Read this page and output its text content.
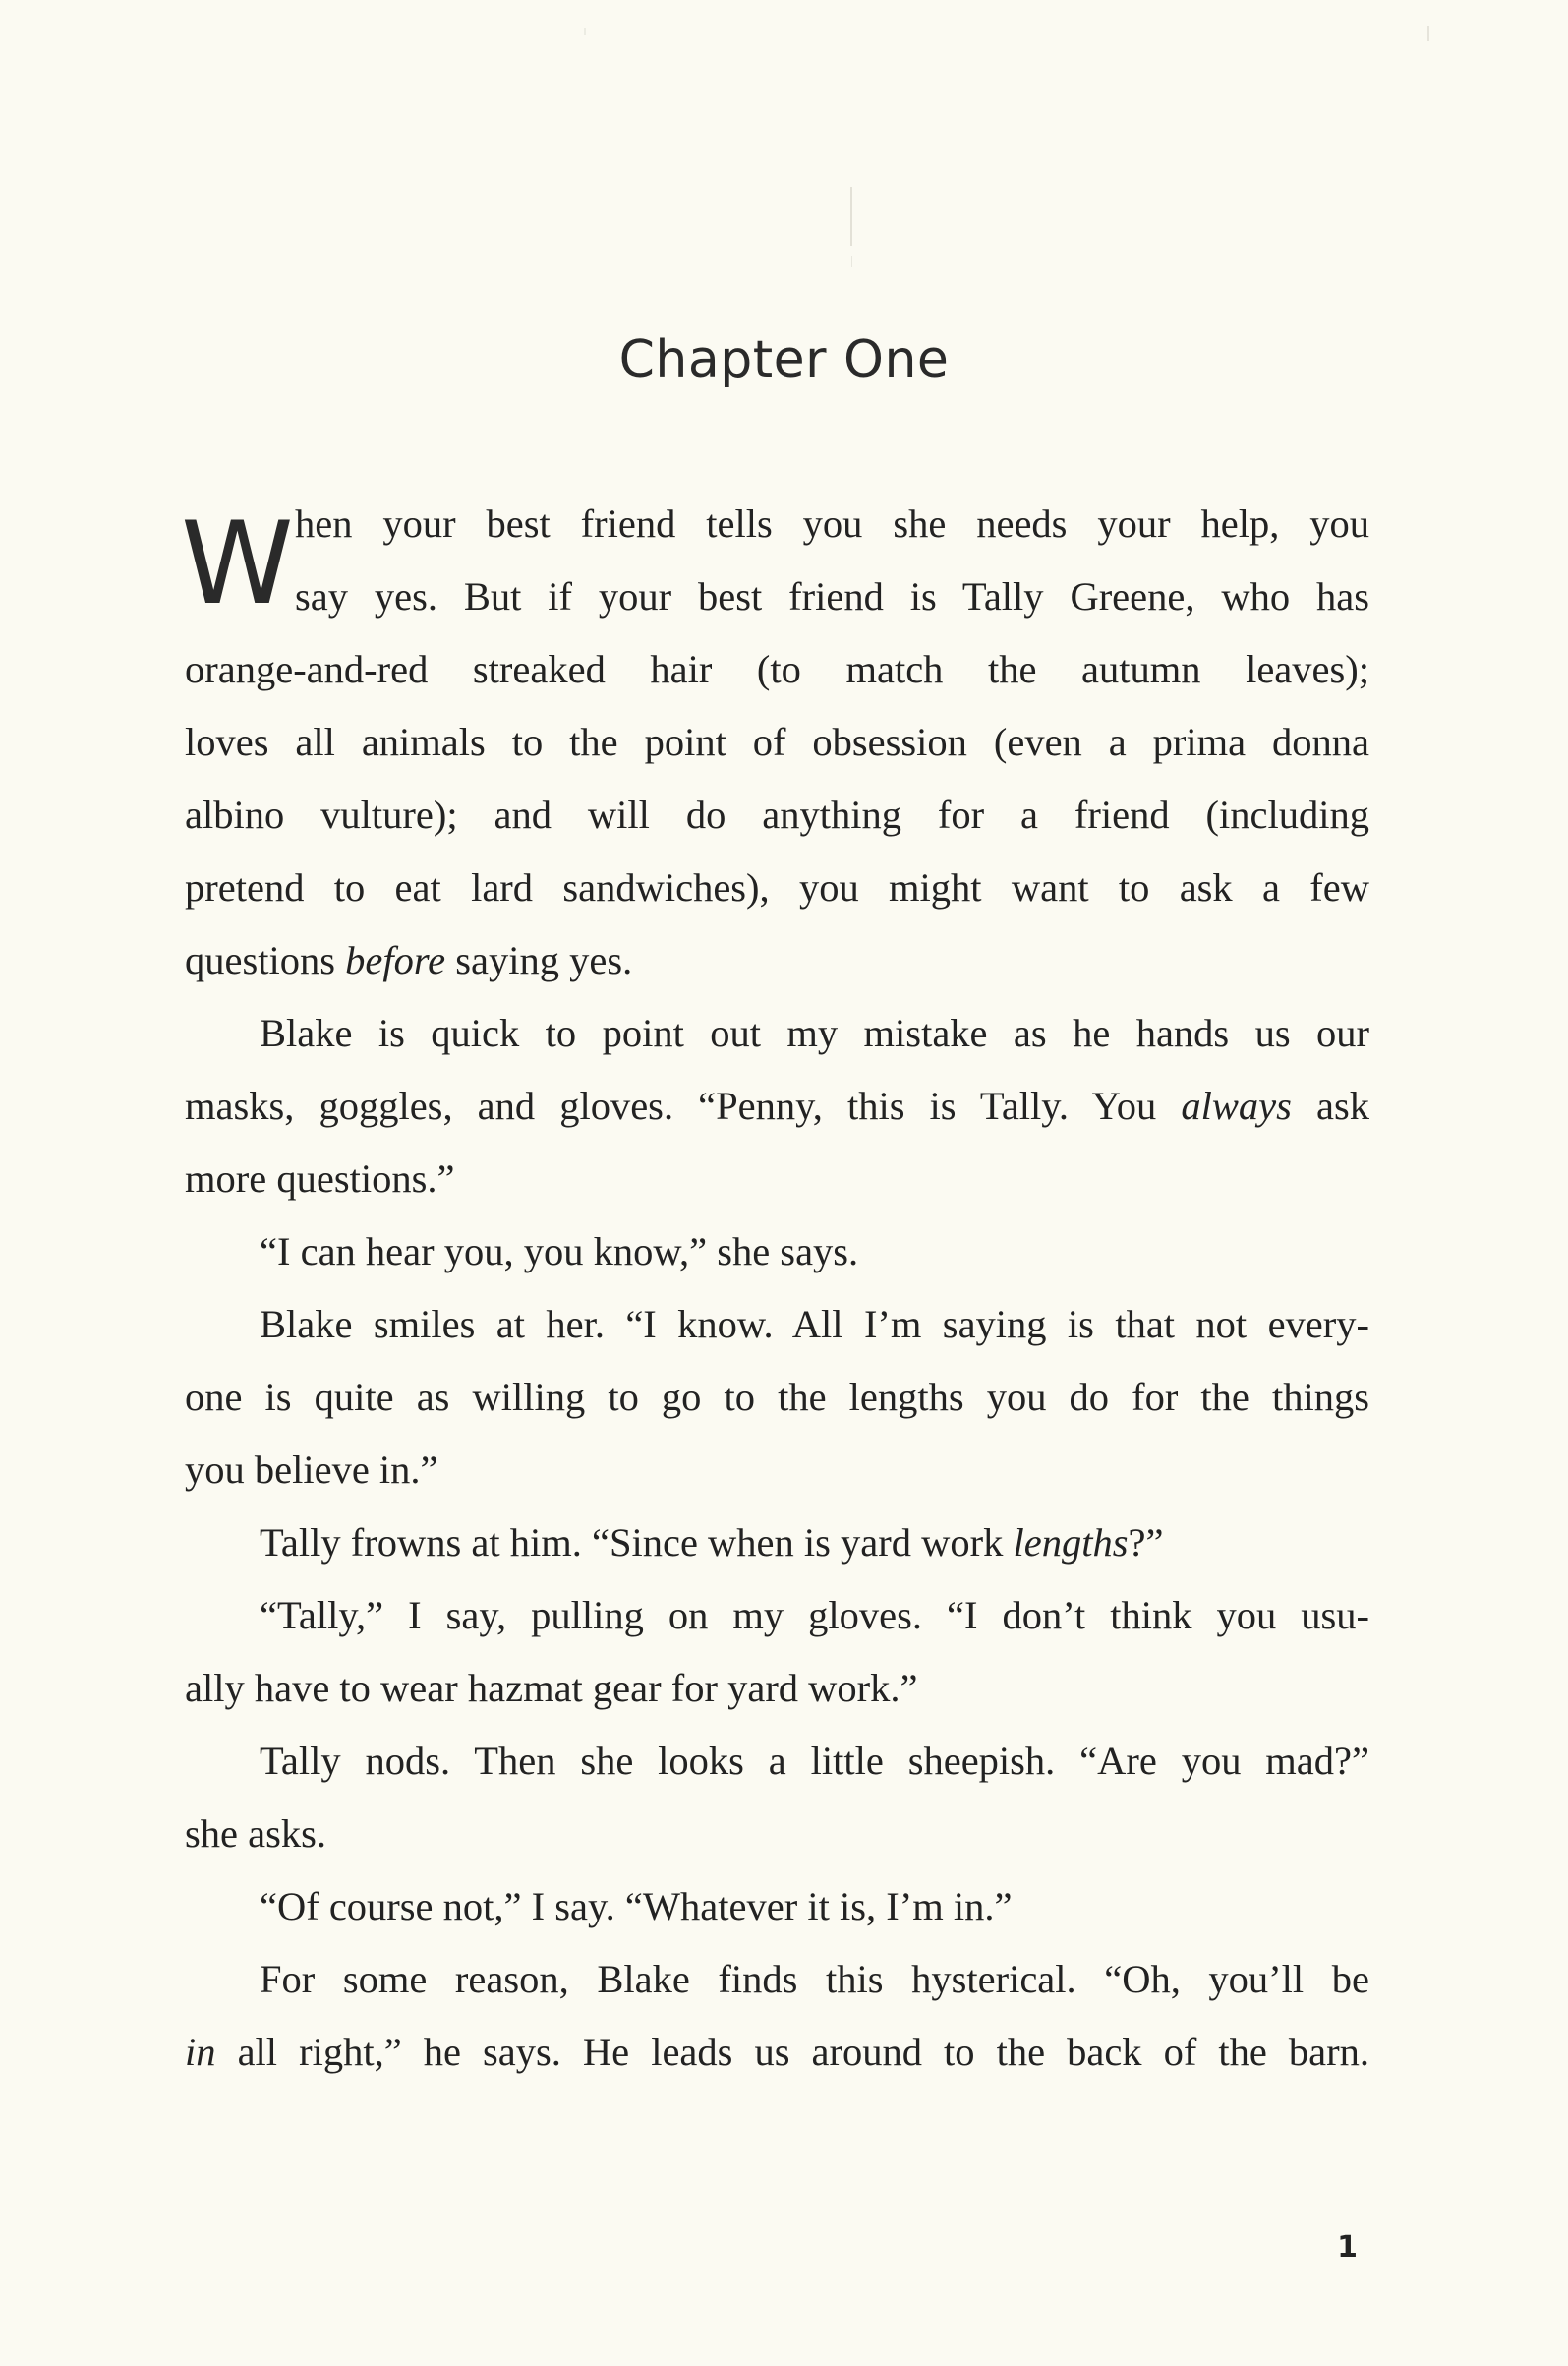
Chapter One
W hen your best friend tells you she needs your help, you
say yes. But if your best friend is Tally Greene, who has
orange-and-red streaked hair (to match the autumn leaves);
loves all animals to the point of obsession (even a prima donna
albino vulture); and will do anything for a friend (including
pretend to eat lard sandwiches), you might want to ask a few
questions before saying yes.
Blake is quick to point out my mistake as he hands us our
masks, goggles, and gloves. “Penny, this is Tally. You always ask
more questions.”
“I can hear you, you know,” she says.
Blake smiles at her. “I know. All I’m saying is that not every-
one is quite as willing to go to the lengths you do for the things
you believe in.”
Tally frowns at him. “Since when is yard work lengths?”
“Tally,” I say, pulling on my gloves. “I don’t think you usu-
ally have to wear hazmat gear for yard work.”
Tally nods. Then she looks a little sheepish. “Are you mad?”
she asks.
“Of course not,” I say. “Whatever it is, I’m in.”
For some reason, Blake finds this hysterical. “Oh, you’ll be
in all right,” he says. He leads us around to the back of the barn.
1
